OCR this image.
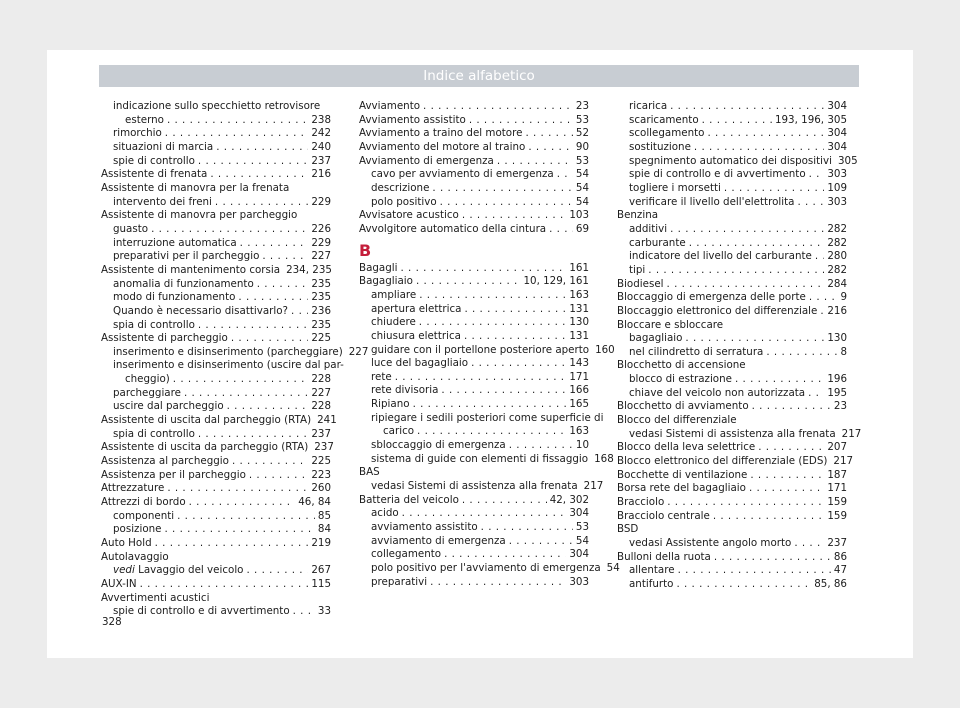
Indice alfabetico
indicazione sullo specchietto retrovisore
esterno . . .	238
rimorchio . . .	242
situazioni di marcia . . .	240
spie di controllo . . .	237
Assistente di frenata . . .	216
Assistente di manovra per la frenata
intervento dei freni . . .	229
Assistente di manovra per parcheggio
guasto . . .	226
interruzione automatica . . .	229
preparativi per il parcheggio . . .	227
Assistente di mantenimento corsia 234, 235
anomalia di funzionamento . . .	235
modo di funzionamento . . .	235
Quando è necessario disattivarlo? . . . 236
spia di controllo . . .	235
Assistente di parcheggio . . .	225
inserimento e disinserimento (parcheggiare) 227
inserimento e disinserimento (uscire dal par-
cheggio) . . .	228
parcheggiare . . .	227
uscire dal parcheggio . . .	228
Assistente di uscita dal parcheggio (RTA) 241
spia di controllo . . .	237
Assistente di uscita da parcheggio (RTA) 237
Assistenza al parcheggio . . .	225
Assistenza per il parcheggio . . .	223
Attrezzature . . .	260
Attrezzi di bordo . . .	46, 84
componenti . . .	85
posizione . . .	84
Auto Hold . . .	219
Autolavaggio
vedi Lavaggio del veicolo . . .	267
AUX-IN . . .	115
Avvertimenti acustici
spie di controllo e di avvertimento . . .	33
Avviamento . . .	23
Avviamento assistito . . .	53
Avviamento a traino del motore . . .	52
Avviamento del motore al traino . . .	90
Avviamento di emergenza . . .	53
cavo per avviamento di emergenza . . . 54
descrizione . . .	54
polo positivo . . .	54
Avvisatore acustico . . .	103
Avvolgitore automatico della cintura . . .	69
B
Bagagli . . .	161
Bagagliaio . . .	10, 129, 161
ampliare . . .	163
apertura elettrica . . .	131
chiudere . . .	130
chiusura elettrica . . .	131
guidare con il portellone posteriore aperto 160
luce del bagagliaio . . .	143
rete . . .	171
rete divisoria . . .	166
Ripiano . . .	165
ripiegare i sedili posteriori come superficie di
carico . . .	163
sbloccaggio di emergenza . . .	10
sistema di guide con elementi di fissaggio 168
BAS
vedasi Sistemi di assistenza alla frenata 217
Batteria del veicolo . . .	42, 302
acido . . .	304
avviamento assistito . . .	53
avviamento di emergenza . . .	54
collegamento . . .	304
polo positivo per l'avviamento di emergenza 54
preparativi . . .	303
ricarica . . .	304
scaricamento . . .	193, 196, 305
scollegamento . . .	304
sostituzione . . .	304
spegnimento automatico dei dispositivi 305
spie di controllo e di avvertimento . . . 303
togliere i morsetti . . .	109
verificare il livello dell'elettrolita . . .	303
Benzina
additivi . . .	282
carburante . . .	282
indicatore del livello del carburante . . . 280
tipi . . .	282
Biodiesel . . .	284
Bloccaggio di emergenza delle porte . . .	9
Bloccaggio elettronico del differenziale . . . 216
Bloccare e sbloccare
bagagliaio . . .	130
nel cilindretto di serratura . . .	8
Blocchetto di accensione
blocco di estrazione . . .	196
chiave del veicolo non autorizzata . . . 195
Blocchetto di avviamento . . .	23
Blocco del differenziale
vedasi Sistemi di assistenza alla frenata 217
Blocco della leva selettrice . . .	207
Blocco elettronico del differenziale (EDS) 217
Bocchette di ventilazione . . .	187
Borsa rete del bagagliaio . . .	171
Bracciolo . . .	159
Bracciolo centrale . . .	159
BSD
vedasi Assistente angolo morto . . .	237
Bulloni della ruota . . .	86
allentare . . .	47
antifurto . . .	85, 86
328
